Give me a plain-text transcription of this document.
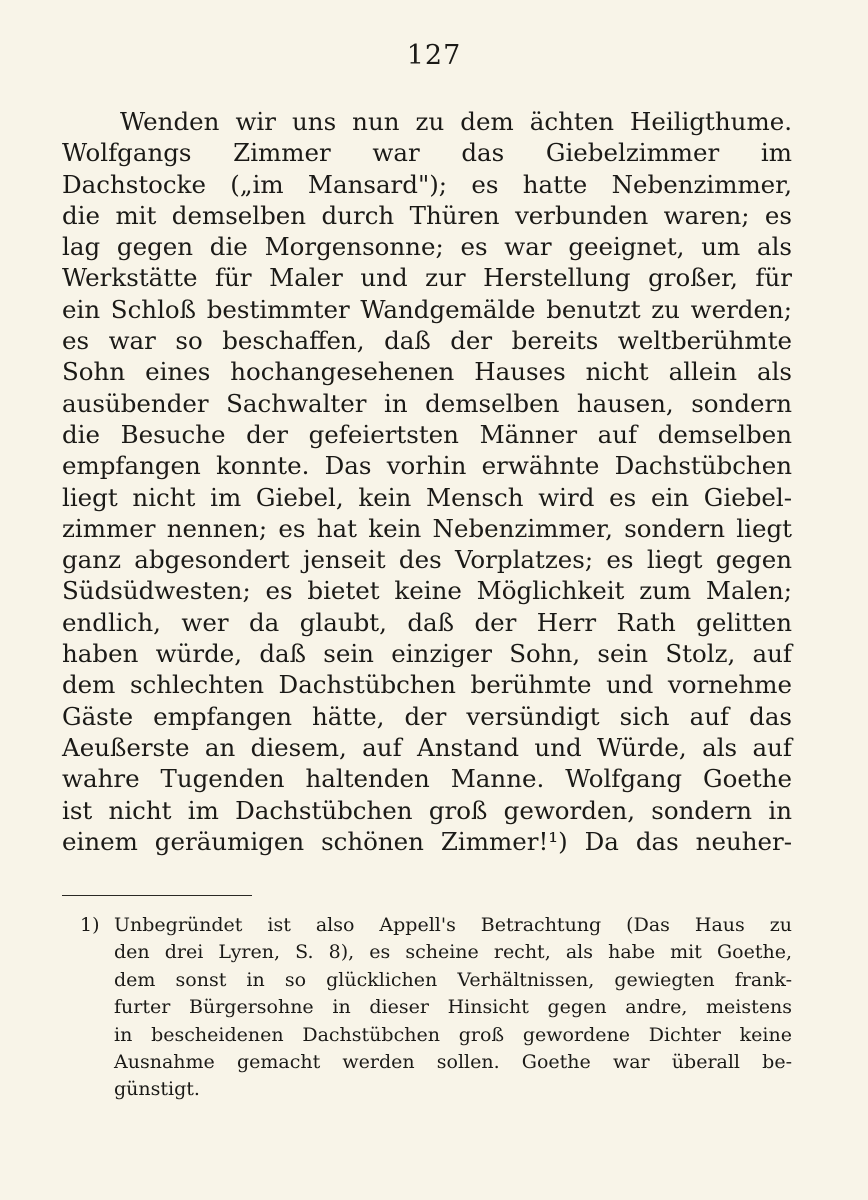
127
Wenden wir uns nun zu dem ächten Heiligthume.
Wolfgangs Zimmer war das Giebelzimmer im
Dachstocke („im Mansard"); es hatte Nebenzimmer,
die mit demselben durch Thüren verbunden waren; es
lag gegen die Morgensonne; es war geeignet, um als
Werkstätte für Maler und zur Herstellung großer, für
ein Schloß bestimmter Wandgemälde benutzt zu werden;
es war so beschaffen, daß der bereits weltberühmte
Sohn eines hochangesehenen Hauses nicht allein als
ausübender Sachwalter in demselben hausen, sondern
die Besuche der gefeiertsten Männer auf demselben
empfangen konnte. Das vorhin erwähnte Dachstübchen
liegt nicht im Giebel, kein Mensch wird es ein Giebel-
zimmer nennen; es hat kein Nebenzimmer, sondern liegt
ganz abgesondert jenseit des Vorplatzes; es liegt gegen
Südsüdwesten; es bietet keine Möglichkeit zum Malen;
endlich, wer da glaubt, daß der Herr Rath gelitten
haben würde, daß sein einziger Sohn, sein Stolz, auf
dem schlechten Dachstübchen berühmte und vornehme
Gäste empfangen hätte, der versündigt sich auf das
Aeußerste an diesem, auf Anstand und Würde, als auf
wahre Tugenden haltenden Manne. Wolfgang Goethe
ist nicht im Dachstübchen groß geworden, sondern in
einem geräumigen schönen Zimmer!¹) Da das neuher-
1) Unbegründet ist also Appell's Betrachtung (Das Haus zu
den drei Lyren, S. 8), es scheine recht, als habe mit Goethe,
dem sonst in so glücklichen Verhältnissen, gewiegten frank-
furter Bürgersohne in dieser Hinsicht gegen andre, meistens
in bescheidenen Dachstübchen groß gewordene Dichter keine
Ausnahme gemacht werden sollen. Goethe war überall be-
günstigt.
